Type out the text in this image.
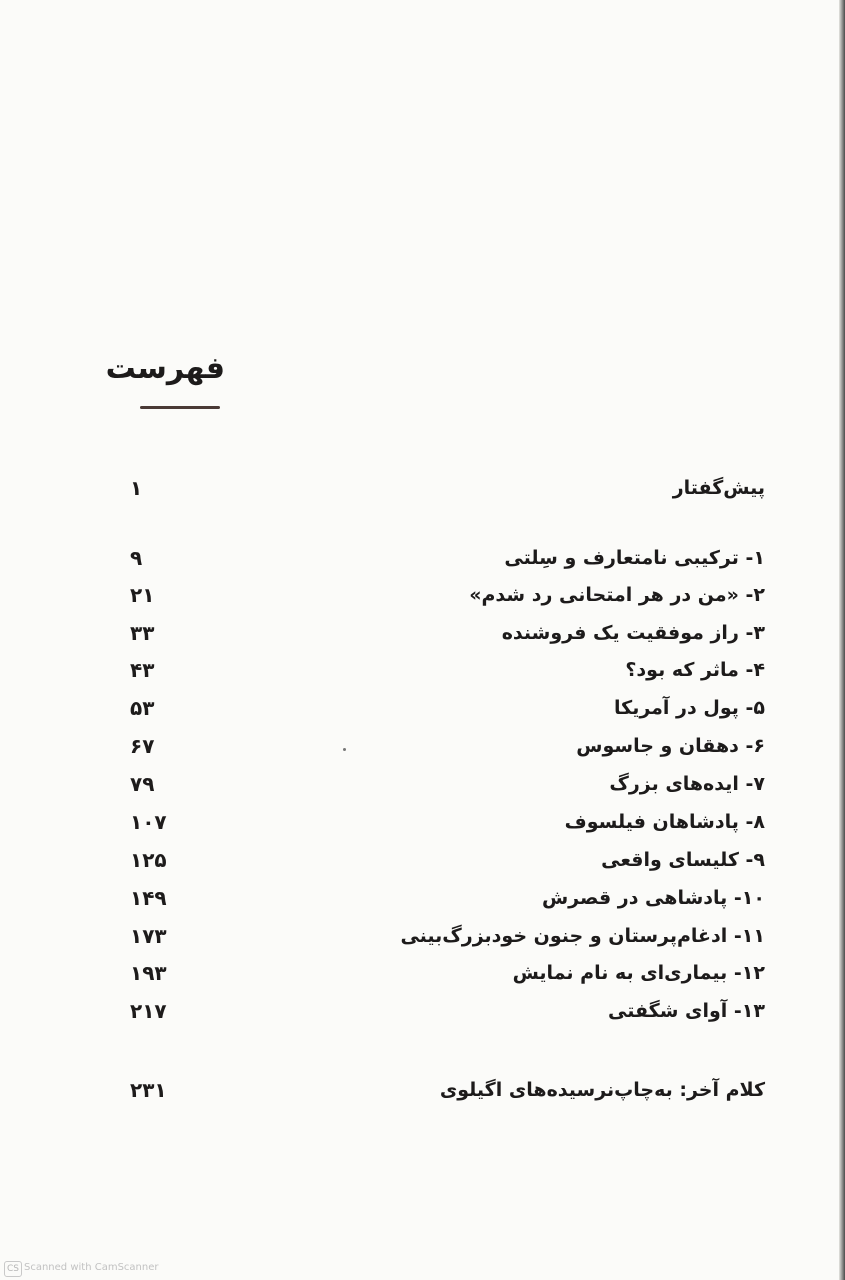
فهرست
پیش‌گفتار
۱
۱- ترکیبی نامتعارف و سِلتی
۹
۲- «من در هر امتحانی رد شدم»
۲۱
۳- راز موفقیت یک فروشنده
۳۳
۴- ماثر که بود؟
۴۳
۵- پول در آمریکا
۵۳
۶- دهقان و جاسوس
۶۷
۷- ایده‌های بزرگ
۷۹
۸- پادشاهان فیلسوف
۱۰۷
۹- کلیسای واقعی
۱۲۵
۱۰- پادشاهی در قصرش
۱۴۹
۱۱- ادغام‌پرستان و جنون خودبزرگ‌بینی
۱۷۳
۱۲- بیماری‌ای به نام نمایش
۱۹۳
۱۳- آوای شگفتی
۲۱۷
کلام آخر: به‌چاپ‌نرسیده‌های اگیلوی
۲۳۱
CS Scanned with CamScanner
